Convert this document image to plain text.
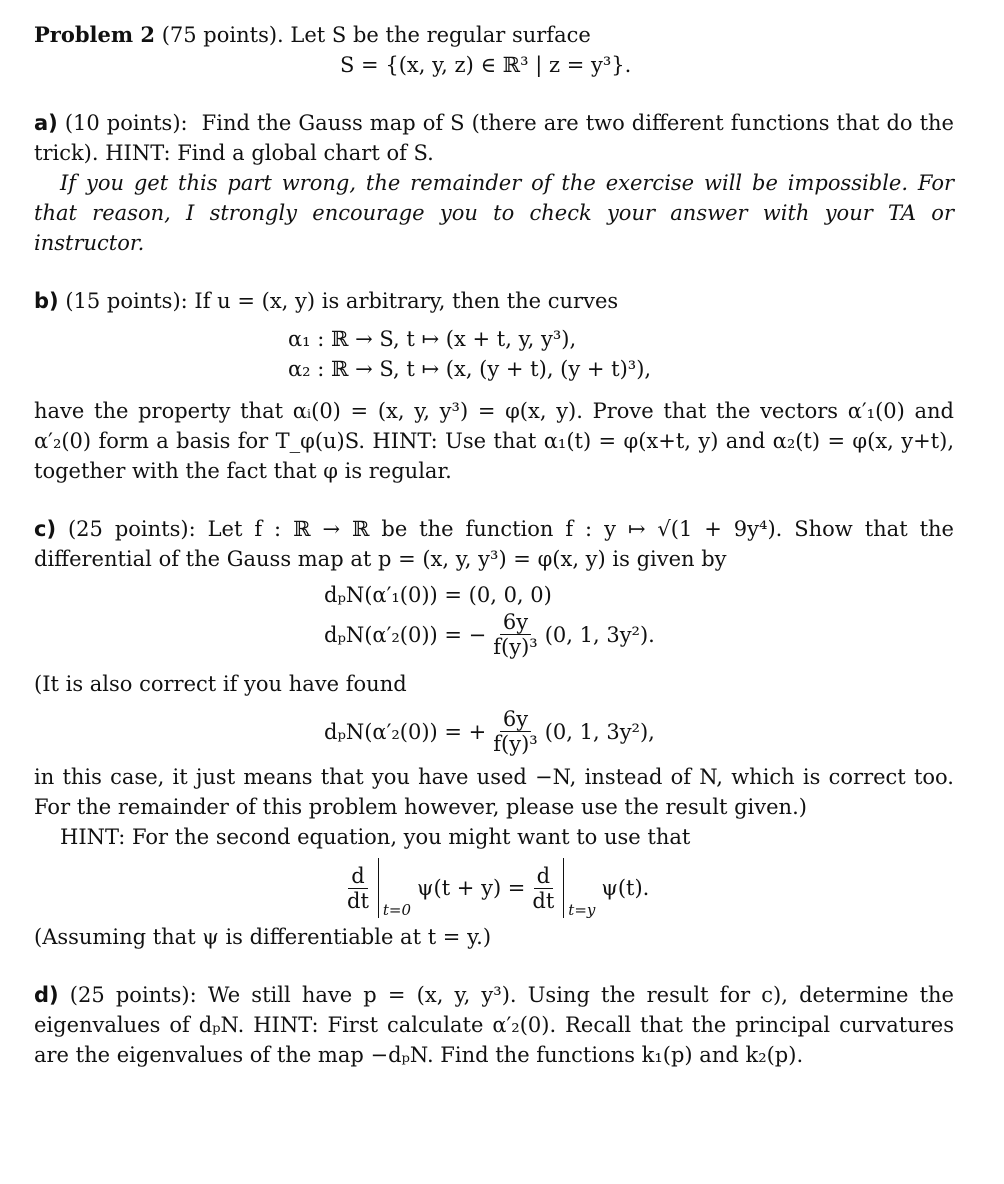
Problem 2 (75 points). Let S be the regular surface

S = {(x, y, z) ∈ ℝ³ | z = y³}.

a) (10 points): Find the Gauss map of S (there are two different functions that do the trick). HINT: Find a global chart of S.

If you get this part wrong, the remainder of the exercise will be impossible. For that reason, I strongly encourage you to check your answer with your TA or instructor.

b) (15 points): If u = (x, y) is arbitrary, then the curves

α₁ : ℝ → S, t ↦ (x + t, y, y³),
α₂ : ℝ → S, t ↦ (x, (y + t), (y + t)³),

have the property that αᵢ(0) = (x, y, y³) = φ(x, y). Prove that the vectors α′₁(0) and α′₂(0) form a basis for T_φ(u)S. HINT: Use that α₁(t) = φ(x+t, y) and α₂(t) = φ(x, y+t), together with the fact that φ is regular.

c) (25 points): Let f : ℝ → ℝ be the function f : y ↦ √(1 + 9y⁴). Show that the differential of the Gauss map at p = (x, y, y³) = φ(x, y) is given by

dₚN(α′₁(0)) = (0, 0, 0)
dₚN(α′₂(0)) = − $\frac{6y}{\text{f(y)³}} (0$, 1, 3y²).

(It is also correct if you have found

dₚN(α′₂(0)) = + $\frac{6y}{\text{f(y)³}} (0$, 1, 3y²),

in this case, it just means that you have used −N, instead of N, which is correct too. For the remainder of this problem however, please use the result given.)

HINT: For the second equation, you might want to use that

$\frac{d}{dt} t=0$
$\psi(t + y) = \frac{d}{dt} t=y$
ψ(t).

(Assuming that ψ is differentiable at t = y.)

d) (25 points): We still have p = (x, y, y³). Using the result for c), determine the eigenvalues of dₚN. HINT: First calculate α′₂(0). Recall that the principal curvatures are the eigenvalues of the map −dₚN. Find the functions k₁(p) and k₂(p).
